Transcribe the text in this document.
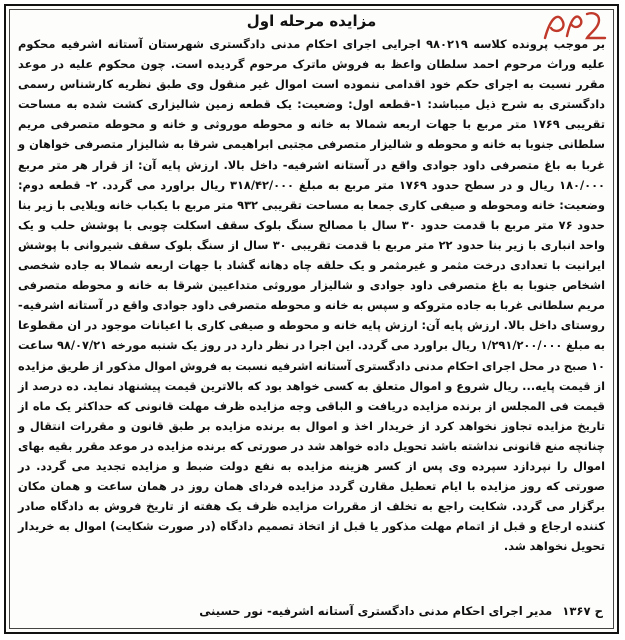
مزایده مرحله اول

بر موجب پرونده کلاسه ۹۸۰۲۱۹ اجرایی اجرای احکام مدنی دادگستری شهرستان آستانه اشرفیه محکوم علیه وراث مرحوم احمد سلطان واعظ به فروش ماترک مرحوم گردیده است. چون محکوم علیه در موعد مقرر نسبت به اجرای حکم خود اقدامی ننموده است اموال غیر منقول وی طبق نظریه کارشناس رسمی دادگستری به شرح ذیل میباشد: ۱-قطعه اول: وضعیت: یک قطعه زمین شالیزاری کشت شده به مساحت تقریبی ۱۷۶۹ متر مربع با جهات اربعه شمالا به خانه و محوطه موروثی و خانه و محوطه متصرفی مریم سلطانی جنوبا به خانه و محوطه و شالیزار متصرفی مجتبی ابراهیمی شرقا به شالیزار متصرفی خواهان و غربا به باغ متصرفی داود جوادی واقع در آستانه اشرفیه- داخل بالا. ارزش پایه آن: از قرار هر متر مربع ۱۸۰/۰۰۰ ریال و در سطح حدود ۱۷۶۹ متر مربع به مبلغ ۳۱۸/۴۲/۰۰۰ ریال براورد می گردد. ۲- قطعه دوم: وضعیت: خانه ومحوطه و صیفی کاری جمعا به مساحت تقریبی ۹۳۲ متر مربع با یکباب خانه ویلایی با زیر بنا حدود ۷۶ متر مربع با قدمت حدود ۳۰ سال با مصالح سنگ بلوک سقف اسکلت چوبی با پوشش حلب و یک واحد انباری با زیر بنا حدود ۲۲ متر مربع با قدمت تقریبی ۳۰ سال از سنگ بلوک سقف شیروانی با پوشش ایرانیت با تعدادی درخت مثمر و غیرمثمر و یک حلقه چاه دهانه گشاد با جهات اربعه شمالا به جاده شخصی اشخاص جنوبا به باغ متصرفی داود جوادی و شالیزار موروثی متداعیین شرقا به خانه و محوطه متصرفی مریم سلطانی غربا به جاده متروکه و سپس به خانه و محوطه متصرفی داود جوادی واقع در آستانه اشرفیه- روستای داخل بالا. ارزش پایه آن: ارزش پایه خانه و محوطه و صیفی کاری با اعیانات موجود در ان مقطوعا به مبلغ ۱/۲۹۱/۲۰۰/۰۰۰ ریال براورد می گردد. این اجرا در نظر دارد در روز یک شنبه مورخه ۹۸/۰۷/۲۱ ساعت ۱۰ صبح در محل اجرای احکام مدنی دادگستری آستانه اشرفیه نسبت به فروش اموال مذکور از طریق مزایده از قیمت پایه... ریال شروع و اموال متعلق به کسی خواهد بود که بالاترین قیمت پیشنهاد نماید. ده درصد از قیمت فی المجلس از برنده مزایده دریافت و الباقی وجه مزایده ظرف مهلت قانونی که حداکثر یک ماه از تاریخ مزایده تجاوز نخواهد کرد از خریدار اخذ و اموال به برنده مزایده بر طبق قانون و مقررات انتقال و چنانچه منع قانونی نداشته باشد تحویل داده خواهد شد در صورتی که برنده مزایده در موعد مقرر بقیه بهای اموال را نپردازد سپرده وی پس از کسر هزینه مزایده به نفع دولت ضبط و مزایده تجدید می گردد. در صورتی که روز مزایده با ایام تعطیل مقارن گردد مزایده فردای همان روز در همان ساعت و همان مکان برگزار می گردد. شکایت راجع به تخلف از مقررات مزایده ظرف یک هفته از تاریخ فروش به دادگاه صادر کننده ارجاع و قبل از اتمام مهلت مذکور یا قبل از اتخاذ تصمیم دادگاه (در صورت شکایت) اموال به خریدار تحویل نخواهد شد.

ح ۱۳۶۷ مدیر اجرای احکام مدنی دادگستری آستانه اشرفیه- نور حسینی
